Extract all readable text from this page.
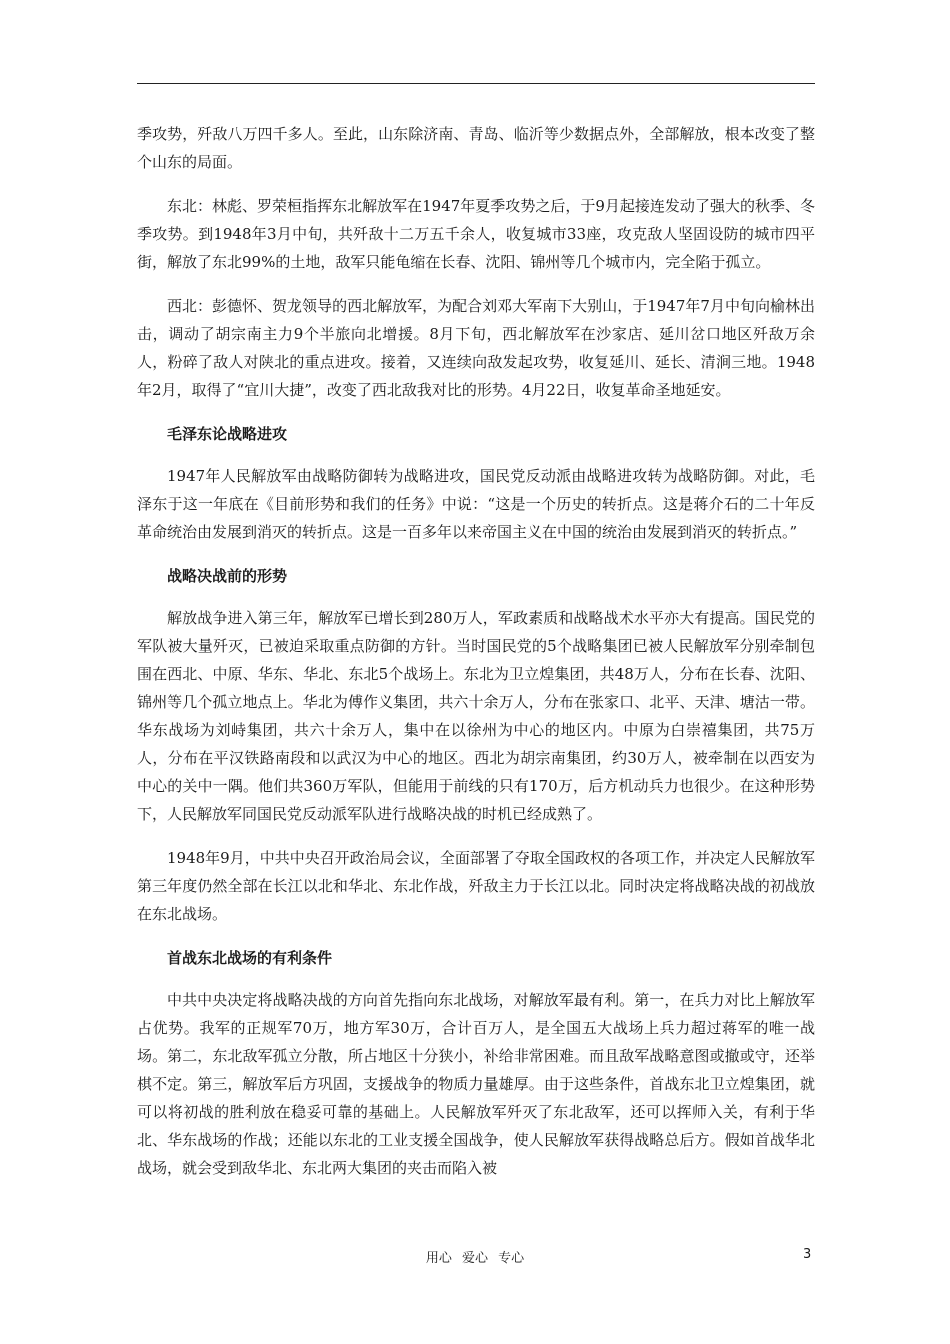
季攻势，歼敌八万四千多人。至此，山东除济南、青岛、临沂等少数据点外，全部解放，根本改变了整个山东的局面。

东北：林彪、罗荣桓指挥东北解放军在1947年夏季攻势之后，于9月起接连发动了强大的秋季、冬季攻势。到1948年3月中旬，共歼敌十二万五千余人，收复城市33座，攻克敌人坚固设防的城市四平街，解放了东北99%的土地，敌军只能龟缩在长春、沈阳、锦州等几个城市内，完全陷于孤立。

西北：彭德怀、贺龙领导的西北解放军，为配合刘邓大军南下大别山，于1947年7月中旬向榆林出击，调动了胡宗南主力9个半旅向北增援。8月下旬，西北解放军在沙家店、延川岔口地区歼敌万余人，粉碎了敌人对陕北的重点进攻。接着，又连续向敌发起攻势，收复延川、延长、清涧三地。1948年2月，取得了“宜川大捷”，改变了西北敌我对比的形势。4月22日，收复革命圣地延安。

毛泽东论战略进攻

1947年人民解放军由战略防御转为战略进攻，国民党反动派由战略进攻转为战略防御。对此，毛泽东于这一年底在《目前形势和我们的任务》中说：“这是一个历史的转折点。这是蒋介石的二十年反革命统治由发展到消灭的转折点。这是一百多年以来帝国主义在中国的统治由发展到消灭的转折点。”

战略决战前的形势

解放战争进入第三年，解放军已增长到280万人，军政素质和战略战术水平亦大有提高。国民党的军队被大量歼灭，已被迫采取重点防御的方针。当时国民党的5个战略集团已被人民解放军分别牵制包围在西北、中原、华东、华北、东北5个战场上。东北为卫立煌集团，共48万人，分布在长春、沈阳、锦州等几个孤立地点上。华北为傅作义集团，共六十余万人，分布在张家口、北平、天津、塘沽一带。华东战场为刘峙集团，共六十余万人，集中在以徐州为中心的地区内。中原为白崇禧集团，共75万人，分布在平汉铁路南段和以武汉为中心的地区。西北为胡宗南集团，约30万人，被牵制在以西安为中心的关中一隅。他们共360万军队，但能用于前线的只有170万，后方机动兵力也很少。在这种形势下，人民解放军同国民党反动派军队进行战略决战的时机已经成熟了。

1948年9月，中共中央召开政治局会议，全面部署了夺取全国政权的各项工作，并决定人民解放军第三年度仍然全部在长江以北和华北、东北作战，歼敌主力于长江以北。同时决定将战略决战的初战放在东北战场。

首战东北战场的有利条件

中共中央决定将战略决战的方向首先指向东北战场，对解放军最有利。第一，在兵力对比上解放军占优势。我军的正规军70万，地方军30万，合计百万人，是全国五大战场上兵力超过蒋军的唯一战场。第二，东北敌军孤立分散，所占地区十分狭小，补给非常困难。而且敌军战略意图或撤或守，还举棋不定。第三，解放军后方巩固，支援战争的物质力量雄厚。由于这些条件，首战东北卫立煌集团，就可以将初战的胜利放在稳妥可靠的基础上。人民解放军歼灭了东北敌军，还可以挥师入关，有利于华北、华东战场的作战；还能以东北的工业支援全国战争，使人民解放军获得战略总后方。假如首战华北战场，就会受到敌华北、东北两大集团的夹击而陷入被

用心 爱心 专心	3
